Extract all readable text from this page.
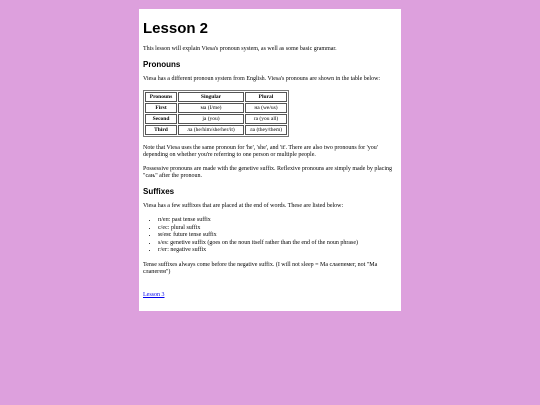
Lesson 2

This lesson will explain Viesa's pronoun system, as well as some basic grammar.

Pronouns

Viesa has a different pronoun system from English. Viesa's pronouns are shown in the table below:

Pronouns	Singular	Plural
First	ма (I/me)	на (we/us)
Second	ja (you)	ra (you all)
Third	ла (he/him/she/her/it)	ла (they/them)

Note that Viesa uses the same pronoun for 'he', 'she', and 'it'. There are also two pronouns for 'you' depending on whether you're referring to one person or multiple people.

Possessive pronouns are made with the genetive suffix. Reflexive pronouns are simply made by placing "сањ" after the pronoun.

Suffixes

Viesa has a few suffixes that are placed at the end of words. These are listed below:

• п/еп: past tense suffix
• с/ес: plural suffix
• м/ем: future tense suffix
• s/еs: genetive suffix (goes on the noun itself rather than the end of the noun phrase)
• г/ег: negative suffix

Tense suffixes always come before the negative suffix. (I will not sleep = Ма слаепемег, not "Ма слапегем")

Lesson 3
